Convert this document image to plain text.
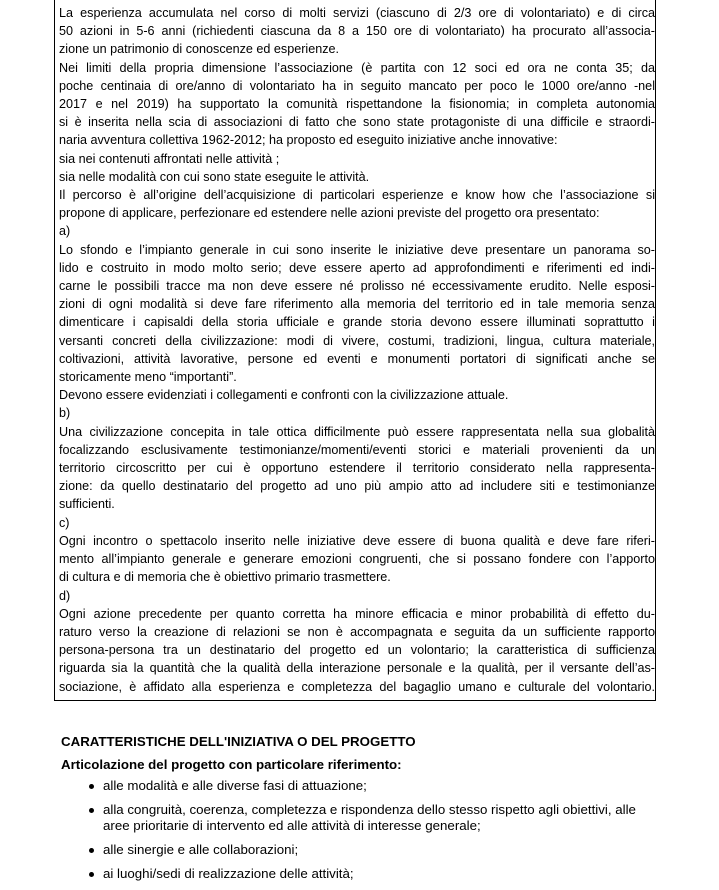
La esperienza accumulata nel corso di molti servizi (ciascuno di 2/3 ore di volontariato) e di circa
50 azioni in 5-6 anni (richiedenti ciascuna da 8 a 150 ore di volontariato) ha procurato all’associa-
zione un patrimonio di conoscenze ed esperienze.
Nei limiti della propria dimensione l’associazione (è partita con 12 soci ed ora ne conta 35; da
poche centinaia di ore/anno di volontariato ha in seguito mancato per poco le 1000 ore/anno -nel
2017 e nel 2019) ha supportato la comunità rispettandone la fisionomia; in completa autonomia
si è inserita nella scia di associazioni di fatto che sono state protagoniste di una difficile e straordi-
naria avventura collettiva 1962-2012; ha proposto ed eseguito iniziative anche innovative:
sia nei contenuti affrontati nelle attività ;
sia nelle modalità con cui sono state eseguite le attività.
Il percorso è all’origine dell’acquisizione di particolari esperienze e know how che l’associazione si
propone di applicare, perfezionare ed estendere nelle azioni previste del progetto ora presentato:
a)
Lo sfondo e l’impianto generale in cui sono inserite le iniziative deve presentare un panorama so-
lido e costruito in modo molto serio; deve essere aperto ad approfondimenti e riferimenti ed indi-
carne le possibili tracce ma non deve essere né prolisso né eccessivamente erudito. Nelle esposi-
zioni di ogni modalità si deve fare riferimento alla memoria del territorio ed in tale memoria senza
dimenticare i capisaldi della storia ufficiale e grande storia devono essere illuminati soprattutto i
versanti concreti della civilizzazione: modi di vivere, costumi, tradizioni, lingua, cultura materiale,
coltivazioni, attività lavorative, persone ed eventi e monumenti portatori di significati anche se
storicamente meno “importanti”.
Devono essere evidenziati i collegamenti e confronti con la civilizzazione attuale.
b)
Una civilizzazione concepita in tale ottica difficilmente può essere rappresentata nella sua globalità
focalizzando esclusivamente testimonianze/momenti/eventi storici e materiali provenienti da un
territorio circoscritto per cui è opportuno estendere il territorio considerato nella rappresenta-
zione: da quello destinatario del progetto ad uno più ampio atto ad includere siti e testimonianze
sufficienti.
c)
Ogni incontro o spettacolo inserito nelle iniziative deve essere di buona qualità e deve fare riferi-
mento all’impianto generale e generare emozioni congruenti, che si possano fondere con l’apporto
di cultura e di memoria che è obiettivo primario trasmettere.
d)
Ogni azione precedente per quanto corretta ha minore efficacia e minor probabilità di effetto du-
raturo verso la creazione di relazioni se non è accompagnata e seguita da un sufficiente rapporto
persona-persona tra un destinatario del progetto ed un volontario; la caratteristica di sufficienza
riguarda sia la quantità che la qualità della interazione personale e la qualità, per il versante dell’as-
sociazione, è affidato alla esperienza e completezza del bagaglio umano e culturale del volontario.
CARATTERISTICHE DELL'INIZIATIVA O DEL PROGETTO
Articolazione del progetto con particolare riferimento:
alle modalità e alle diverse fasi di attuazione;
alla congruità, coerenza, completezza e rispondenza dello stesso rispetto agli obiettivi, alle aree prioritarie di intervento ed alle attività di interesse generale;
alle sinergie e alle collaborazioni;
ai luoghi/sedi di realizzazione delle attività;
